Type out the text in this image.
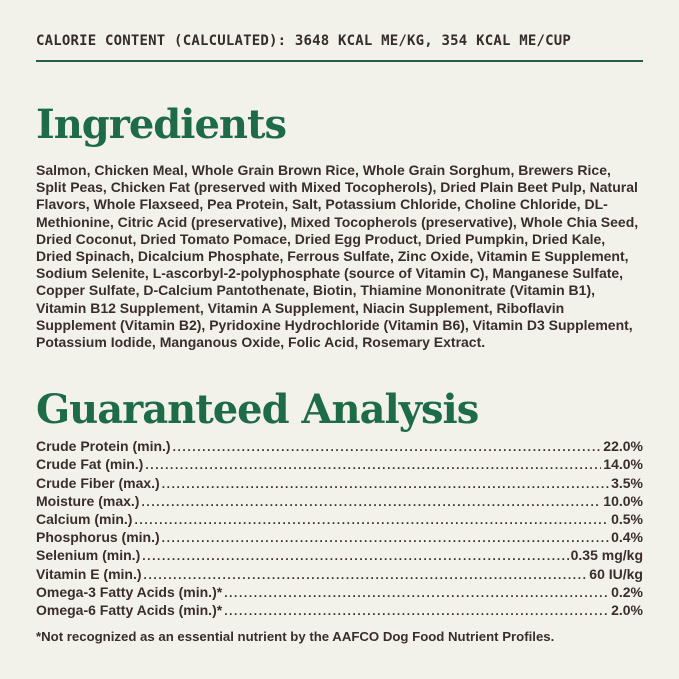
CALORIE CONTENT (CALCULATED): 3648 KCAL ME/KG, 354 KCAL ME/CUP
Ingredients

Salmon, Chicken Meal, Whole Grain Brown Rice, Whole Grain Sorghum, Brewers Rice, Split Peas, Chicken Fat (preserved with Mixed Tocopherols), Dried Plain Beet Pulp, Natural Flavors, Whole Flaxseed, Pea Protein, Salt, Potassium Chloride, Choline Chloride, DL-Methionine, Citric Acid (preservative), Mixed Tocopherols (preservative), Whole Chia Seed, Dried Coconut, Dried Tomato Pomace, Dried Egg Product, Dried Pumpkin, Dried Kale, Dried Spinach, Dicalcium Phosphate, Ferrous Sulfate, Zinc Oxide, Vitamin E Supplement, Sodium Selenite, L-ascorbyl-2-polyphosphate (source of Vitamin C), Manganese Sulfate, Copper Sulfate, D-Calcium Pantothenate, Biotin, Thiamine Mononitrate (Vitamin B1), Vitamin B12 Supplement, Vitamin A Supplement, Niacin Supplement, Riboflavin Supplement (Vitamin B2), Pyridoxine Hydrochloride (Vitamin B6), Vitamin D3 Supplement, Potassium Iodide, Manganous Oxide, Folic Acid, Rosemary Extract.

Guaranteed Analysis
Crude Protein (min.) .....	22.0%
Crude Fat (min.) .....	14.0%
Crude Fiber (max.) .....	3.5%
Moisture (max.) .....	10.0%
Calcium (min.) .....	0.5%
Phosphorus (min.) .....	0.4%
Selenium (min.) .....	0.35 mg/kg
Vitamin E (min.) .....	60 IU/kg
Omega-3 Fatty Acids (min.)* .....	0.2%
Omega-6 Fatty Acids (min.)* .....	2.0%
*Not recognized as an essential nutrient by the AAFCO Dog Food Nutrient Profiles.
